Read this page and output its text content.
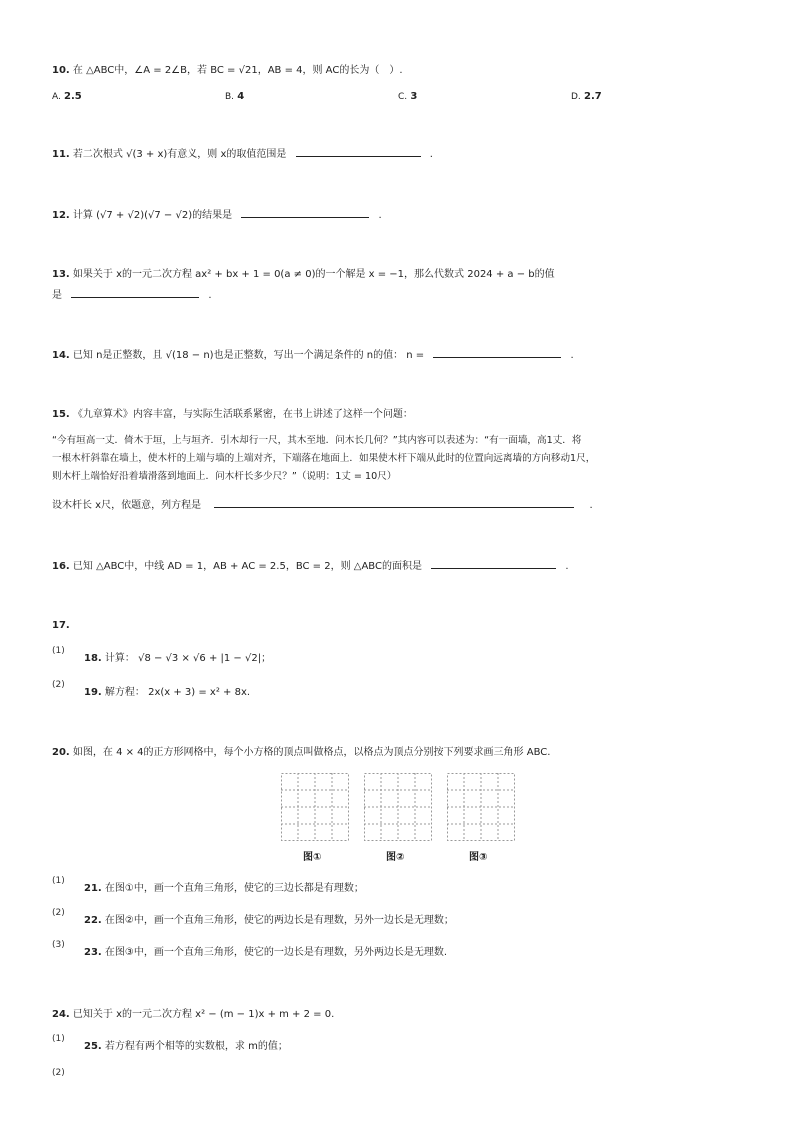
10. 在 △ABC中，∠A = 2∠B，若 BC = √21，AB = 4，则 AC的长为（　）.
A. 2.5	B. 4	C. 3	D. 2.7
11. 若二次根式 √(3 + x)有意义，则 x的取值范围是	.
12. 计算 (√7 + √2)(√7 − √2)的结果是	.
13. 如果关于 x的一元二次方程 ax² + bx + 1 = 0(a ≠ 0)的一个解是 x = −1，那么代数式 2024 + a − b的值
是	.
14. 已知 n是正整数，且 √(18 − n)也是正整数，写出一个满足条件的 n的值： n =	.
15. 《九章算术》内容丰富，与实际生活联系紧密，在书上讲述了这样一个问题：
“今有垣高一丈．倚木于垣，上与垣齐．引木却行一尺，其木至地．问木长几何？”其内容可以表述为：“有一面墙，高1丈．将
一根木杆斜靠在墙上，使木杆的上端与墙的上端对齐，下端落在地面上．如果使木杆下端从此时的位置向远离墙的方向移动1尺，
则木杆上端恰好沿着墙滑落到地面上．问木杆长多少尺？”（说明：1丈 = 10尺）
设木杆长 x尺，依题意，列方程是	.
16. 已知 △ABC中，中线 AD = 1，AB + AC = 2.5，BC = 2，则 △ABC的面积是	.
17.
(1)
18. 计算： √8 − √3 × √6 + |1 − √2|；
(2)
19. 解方程： 2x(x + 3) = x² + 8x.
20. 如图，在 4 × 4的正方形网格中，每个小方格的顶点叫做格点，以格点为顶点分别按下列要求画三角形 ABC.
图①	图②	图③
(1)
21. 在图①中，画一个直角三角形，使它的三边长都是有理数；
(2)
22. 在图②中，画一个直角三角形，使它的两边长是有理数，另外一边长是无理数；
(3)
23. 在图③中，画一个直角三角形，使它的一边长是有理数，另外两边长是无理数.
24. 已知关于 x的一元二次方程 x² − (m − 1)x + m + 2 = 0.
(1)
25. 若方程有两个相等的实数根，求 m的值；
(2)
